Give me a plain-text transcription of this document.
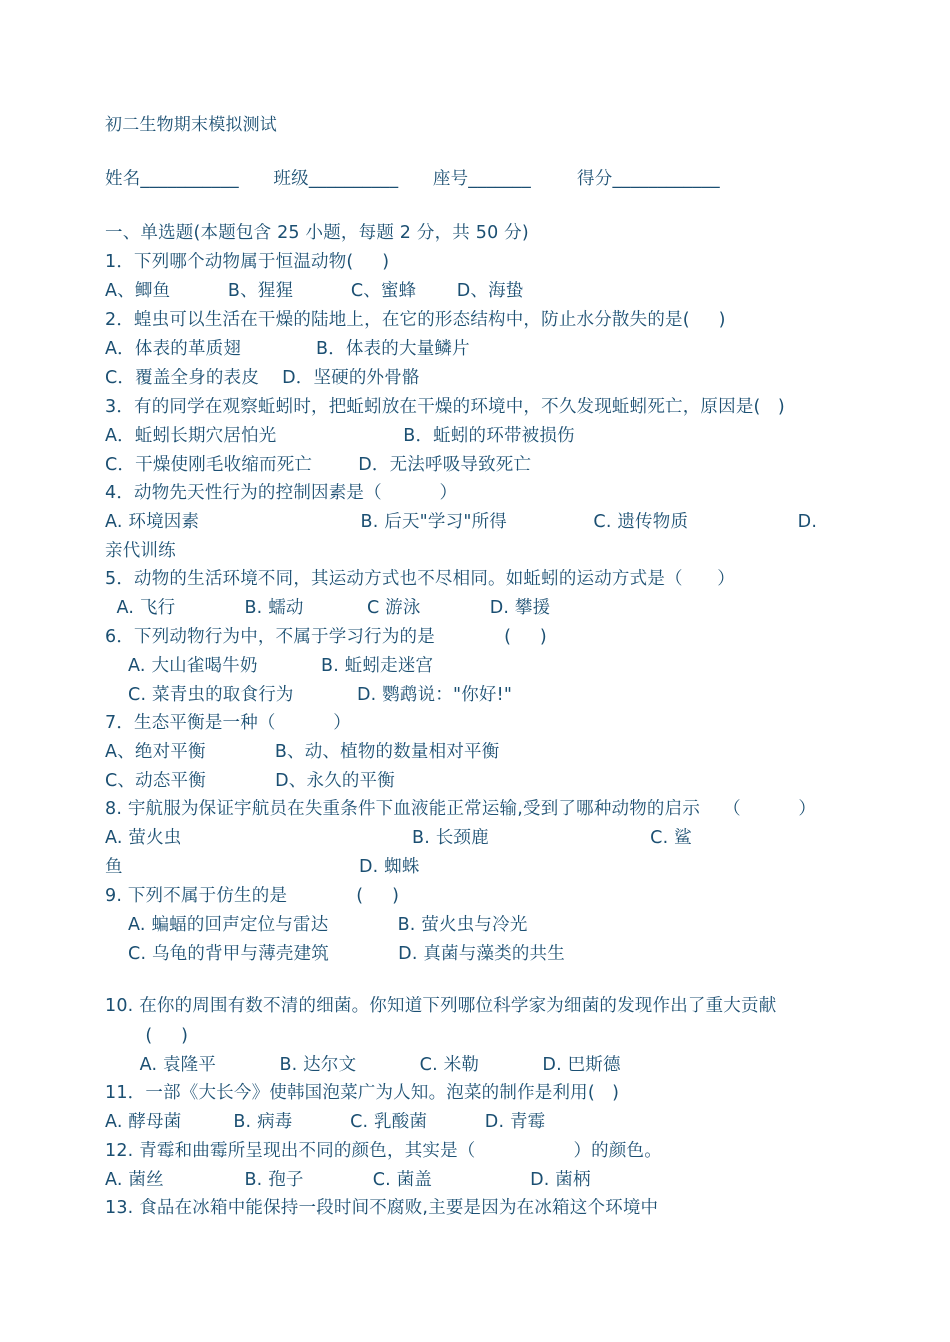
初二生物期末模拟测试
姓名___________      班级__________      座号_______        得分____________
一、单选题(本题包含 25 小题，每题 2 分，共 50 分)
1．下列哪个动物属于恒温动物(     )
A、鲫鱼          B、猩猩          C、蜜蜂       D、海蛰
2．蝗虫可以生活在干燥的陆地上，在它的形态结构中，防止水分散失的是(     )
A．体表的革质翅             B．体表的大量鳞片
C．覆盖全身的表皮    D．坚硬的外骨骼
3．有的同学在观察蚯蚓时，把蚯蚓放在干燥的环境中，不久发现蚯蚓死亡，原因是(   )
A．蚯蚓长期穴居怕光                      B．蚯蚓的环带被损伤
C．干燥使刚毛收缩而死亡        D．无法呼吸导致死亡
4．动物先天性行为的控制因素是（          ）
A. 环境因素                            B. 后天"学习"所得               C. 遗传物质                   D.
亲代训练
5．动物的生活环境不同，其运动方式也不尽相同。如蚯蚓的运动方式是（      ）
A. 飞行            B. 蠕动           C 游泳            D. 攀援
6．下列动物行为中，不属于学习行为的是            (     )
A. 大山雀喝牛奶           B. 蚯蚓走迷宫
C. 菜青虫的取食行为           D. 鹦鹉说："你好!"
7．生态平衡是一种（          ）
A、绝对平衡            B、动、植物的数量相对平衡
C、动态平衡            D、永久的平衡
8. 宇航服为保证宇航员在失重条件下血液能正常运输,受到了哪种动物的启示    （          ）
A. 萤火虫                                        B. 长颈鹿                            C. 鲨
鱼                                         D. 蜘蛛
9. 下列不属于仿生的是            (     )
A. 蝙蝠的回声定位与雷达            B. 萤火虫与冷光
C. 乌龟的背甲与薄壳建筑            D. 真菌与藻类的共生
10. 在你的周围有数不清的细菌。你知道下列哪位科学家为细菌的发现作出了重大贡献
(     )
A. 袁隆平           B. 达尔文           C. 米勒           D. 巴斯德
11．一部《大长今》使韩国泡菜广为人知。泡菜的制作是利用(   )
A. 酵母菌         B. 病毒          C. 乳酸菌          D. 青霉
12. 青霉和曲霉所呈现出不同的颜色，其实是（                 ）的颜色。
A. 菌丝              B. 孢子            C. 菌盖                 D. 菌柄
13. 食品在冰箱中能保持一段时间不腐败,主要是因为在冰箱这个环境中
